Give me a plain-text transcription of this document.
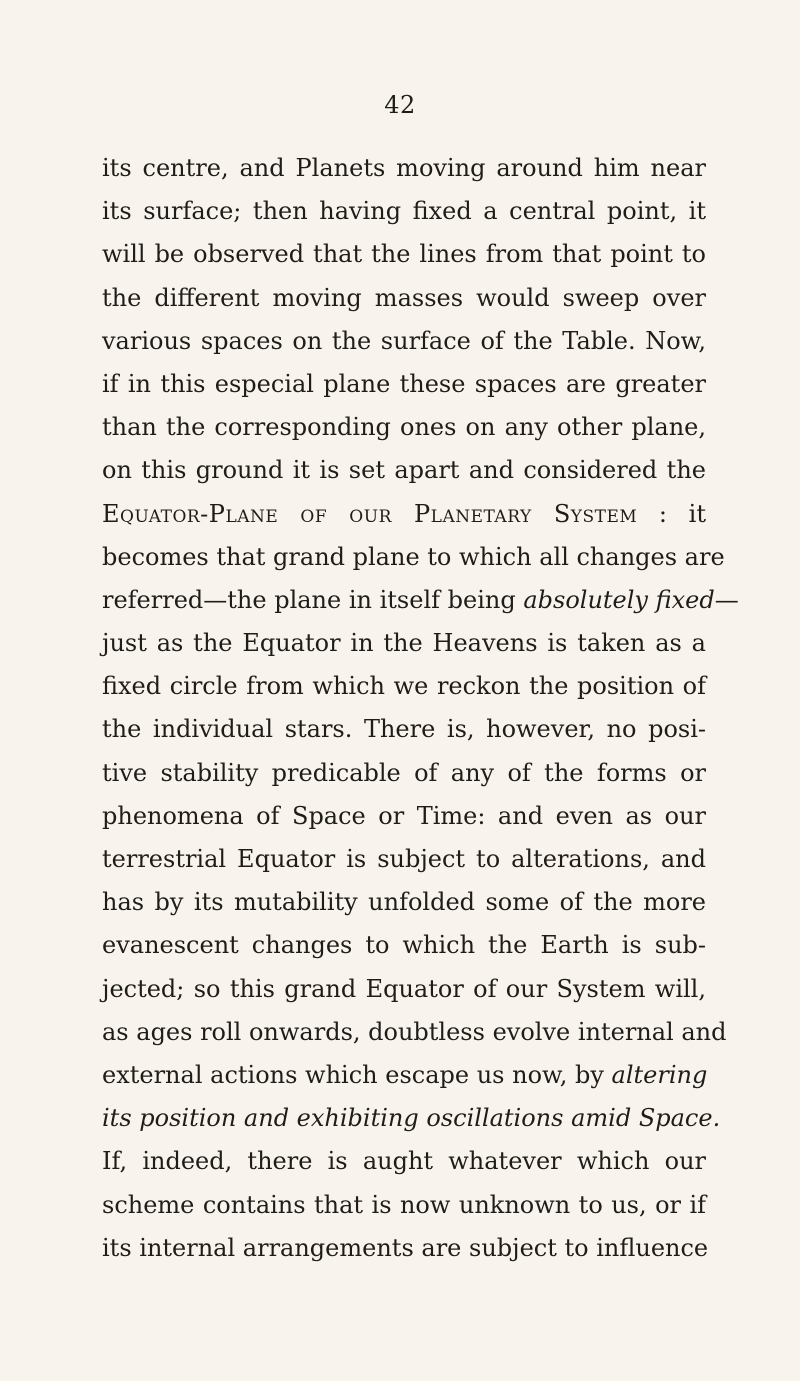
42
its centre, and Planets moving around him near
its surface; then having fixed a central point, it
will be observed that the lines from that point to
the different moving masses would sweep over
various spaces on the surface of the Table. Now,
if in this especial plane these spaces are greater
than the corresponding ones on any other plane,
on this ground it is set apart and considered the
Equator-Plane of our Planetary System : it
becomes that grand plane to which all changes are
referred—the plane in itself being absolutely fixed—
just as the Equator in the Heavens is taken as a
fixed circle from which we reckon the position of
the individual stars. There is, however, no posi-
tive stability predicable of any of the forms or
phenomena of Space or Time: and even as our
terrestrial Equator is subject to alterations, and
has by its mutability unfolded some of the more
evanescent changes to which the Earth is sub-
jected; so this grand Equator of our System will,
as ages roll onwards, doubtless evolve internal and
external actions which escape us now, by altering
its position and exhibiting oscillations amid Space.
If, indeed, there is aught whatever which our
scheme contains that is now unknown to us, or if
its internal arrangements are subject to influence
